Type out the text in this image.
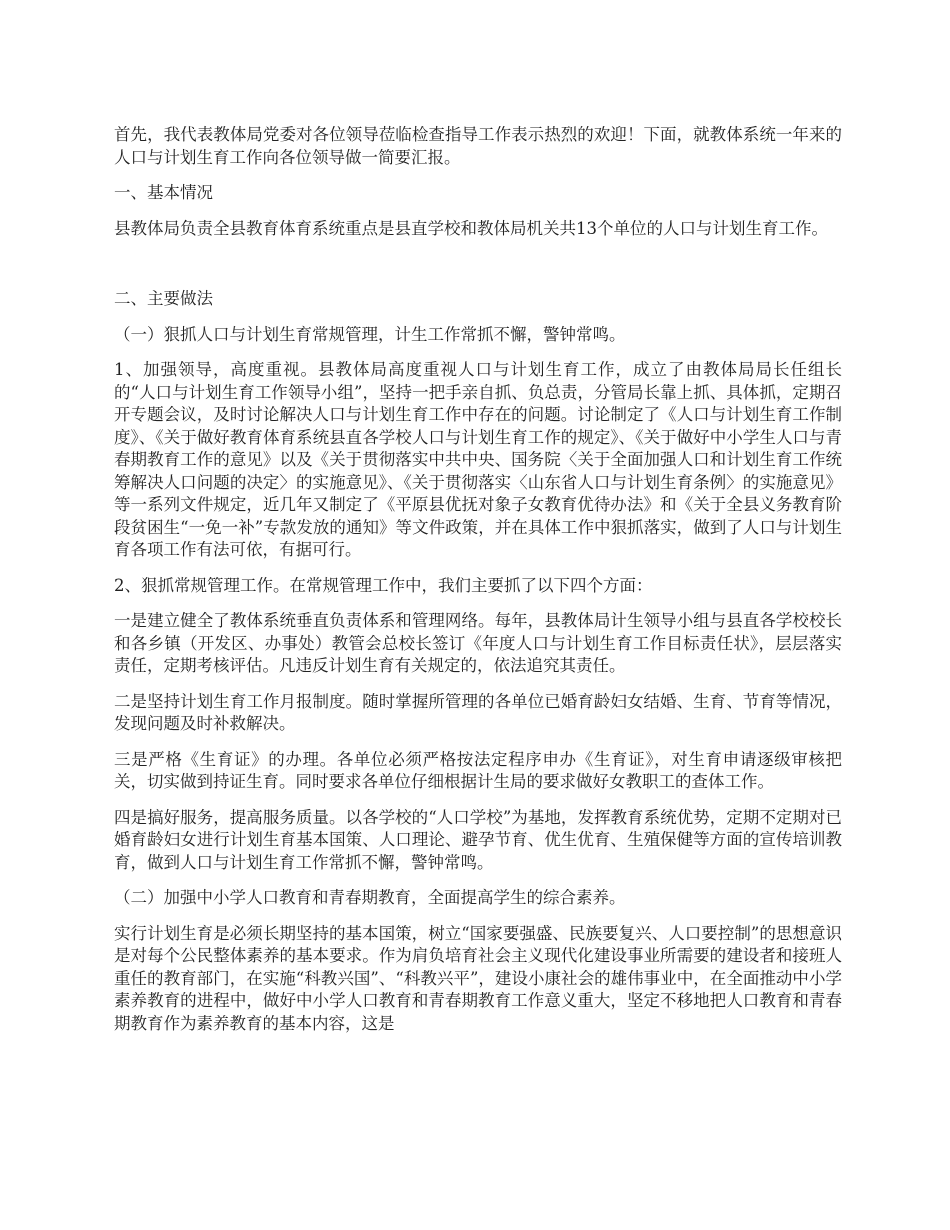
首先，我代表教体局党委对各位领导莅临检查指导工作表示热烈的欢迎！下面，就教体系统一年来的人口与计划生育工作向各位领导做一简要汇报。

一、基本情况

县教体局负责全县教育体育系统重点是县直学校和教体局机关共13个单位的人口与计划生育工作。

二、主要做法

（一）狠抓人口与计划生育常规管理，计生工作常抓不懈，警钟常鸣。

1、加强领导，高度重视。县教体局高度重视人口与计划生育工作，成立了由教体局局长任组长的“人口与计划生育工作领导小组”，坚持一把手亲自抓、负总责，分管局长靠上抓、具体抓，定期召开专题会议，及时讨论解决人口与计划生育工作中存在的问题。讨论制定了《人口与计划生育工作制度》、《关于做好教育体育系统县直各学校人口与计划生育工作的规定》、《关于做好中小学生人口与青春期教育工作的意见》以及《关于贯彻落实中共中央、国务院〈关于全面加强人口和计划生育工作统筹解决人口问题的决定〉的实施意见》、《关于贯彻落实〈山东省人口与计划生育条例〉的实施意见》等一系列文件规定，近几年又制定了《平原县优抚对象子女教育优待办法》和《关于全县义务教育阶段贫困生“一免一补”专款发放的通知》等文件政策，并在具体工作中狠抓落实，做到了人口与计划生育各项工作有法可依，有据可行。

2、狠抓常规管理工作。在常规管理工作中，我们主要抓了以下四个方面：

一是建立健全了教体系统垂直负责体系和管理网络。每年，县教体局计生领导小组与县直各学校校长和各乡镇（开发区、办事处）教管会总校长签订《年度人口与计划生育工作目标责任状》，层层落实责任，定期考核评估。凡违反计划生育有关规定的，依法追究其责任。

二是坚持计划生育工作月报制度。随时掌握所管理的各单位已婚育龄妇女结婚、生育、节育等情况，发现问题及时补救解决。

三是严格《生育证》的办理。各单位必须严格按法定程序申办《生育证》，对生育申请逐级审核把关，切实做到持证生育。同时要求各单位仔细根据计生局的要求做好女教职工的查体工作。

四是搞好服务，提高服务质量。以各学校的“人口学校”为基地，发挥教育系统优势，定期不定期对已婚育龄妇女进行计划生育基本国策、人口理论、避孕节育、优生优育、生殖保健等方面的宣传培训教育，做到人口与计划生育工作常抓不懈，警钟常鸣。

（二）加强中小学人口教育和青春期教育，全面提高学生的综合素养。

实行计划生育是必须长期坚持的基本国策，树立“国家要强盛、民族要复兴、人口要控制”的思想意识是对每个公民整体素养的基本要求。作为肩负培育社会主义现代化建设事业所需要的建设者和接班人重任的教育部门，在实施“科教兴国”、“科教兴平”，建设小康社会的雄伟事业中，在全面推动中小学素养教育的进程中，做好中小学人口教育和青春期教育工作意义重大，坚定不移地把人口教育和青春期教育作为素养教育的基本内容，这是
